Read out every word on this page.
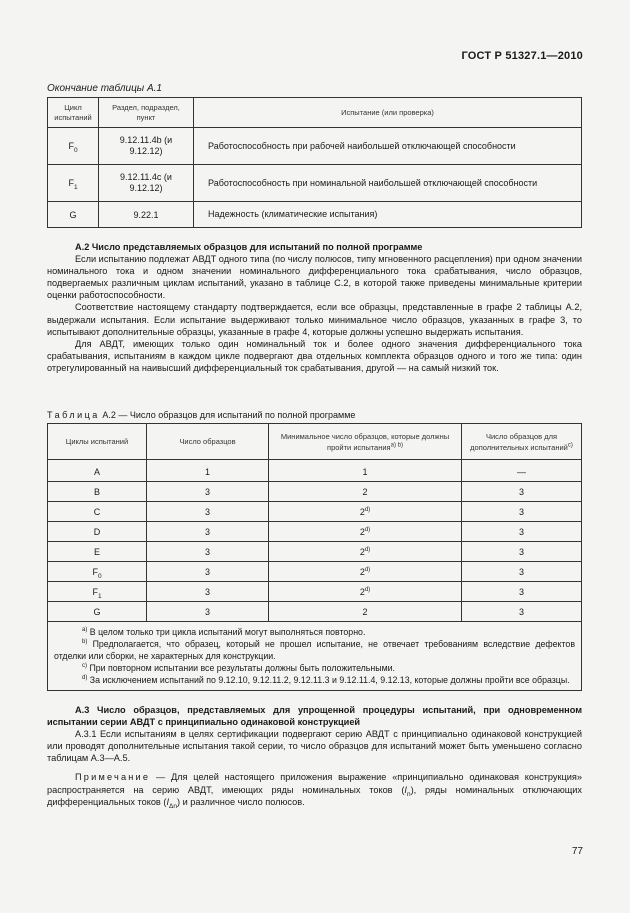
ГОСТ Р 51327.1—2010
Окончание таблицы А.1
Цикл испытаний	Раздел, подраздел, пункт	Испытание (или проверка)
$F_0$	9.12.11.4b (и 9.12.12)	Работоспособность при рабочей наибольшей отключающей способности
$F_1$	9.12.11.4c (и 9.12.12)	Работоспособность при номинальной наибольшей отключающей способности
G	9.22.1	Надежность (климатические испытания)

А.2 Число представляемых образцов для испытаний по полной программе

Если испытанию подлежат АВДТ одного типа (по числу полюсов, типу мгновенного расцепления) при одном значении номинального тока и одном значении номинального дифференциального тока срабатывания, число образцов, подвергаемых различным циклам испытаний, указано в таблице С.2, в которой также приведены минимальные критерии оценки работоспособности.

Соответствие настоящему стандарту подтверждается, если все образцы, представленные в графе 2 таблицы А.2, выдержали испытания. Если испытание выдерживают только минимальное число образцов, указанных в графе 3, то испытывают дополнительные образцы, указанные в графе 4, которые должны успешно выдержать испытания.

Для АВДТ, имеющих только один номинальный ток и более одного значения дифференциального тока срабатывания, испытаниям в каждом цикле подвергают два отдельных комплекта образцов одного и того же типа: один отрегулированный на наивысший дифференциальный ток срабатывания, другой — на самый низкий ток.

Таблица А.2 — Число образцов для испытаний по полной программе
Циклы испытаний	Число образцов	Минимальное число образцов, которые должны пройти испытания$^{a) b)}$	Число образцов для дополнительных испытаний$^{c)}$
A	1	1	—
B	3	2	3
C	3	2$^{d)}$	3
D	3	2$^{d)}$	3
E	3	2$^{d)}$	3
$F_0$	3	2$^{d)}$	3
$F_1$	3	2$^{d)}$	3
G	3	2	3

$^{a)}$ В целом только три цикла испытаний могут выполняться повторно.

$^{b)}$ Предполагается, что образец, который не прошел испытание, не отвечает требованиям вследствие дефектов отделки или сборки, не характерных для конструкции.

$^{c)}$ При повторном испытании все результаты должны быть положительными.

$^{d)}$ За исключением испытаний по 9.12.10, 9.12.11.2, 9.12.11.3 и 9.12.11.4, 9.12.13, которые должны пройти все образцы.			

А.3 Число образцов, представляемых для упрощенной процедуры испытаний, при одновременном испытании серии АВДТ с принципиально одинаковой конструкцией

А.3.1 Если испытаниям в целях сертификации подвергают серию АВДТ с принципиально одинаковой конструкцией или проводят дополнительные испытания такой серии, то число образцов для испытаний может быть уменьшено согласно таблицам А.3—А.5.

Примечание — Для целей настоящего приложения выражение «принципиально одинаковая конструкция» распространяется на серию АВДТ, имеющих ряды номинальных токов $(I_n)$, ряды номинальных отключающих дифференциальных токов $(I_{\Delta n})$ и различное число полюсов.

77
